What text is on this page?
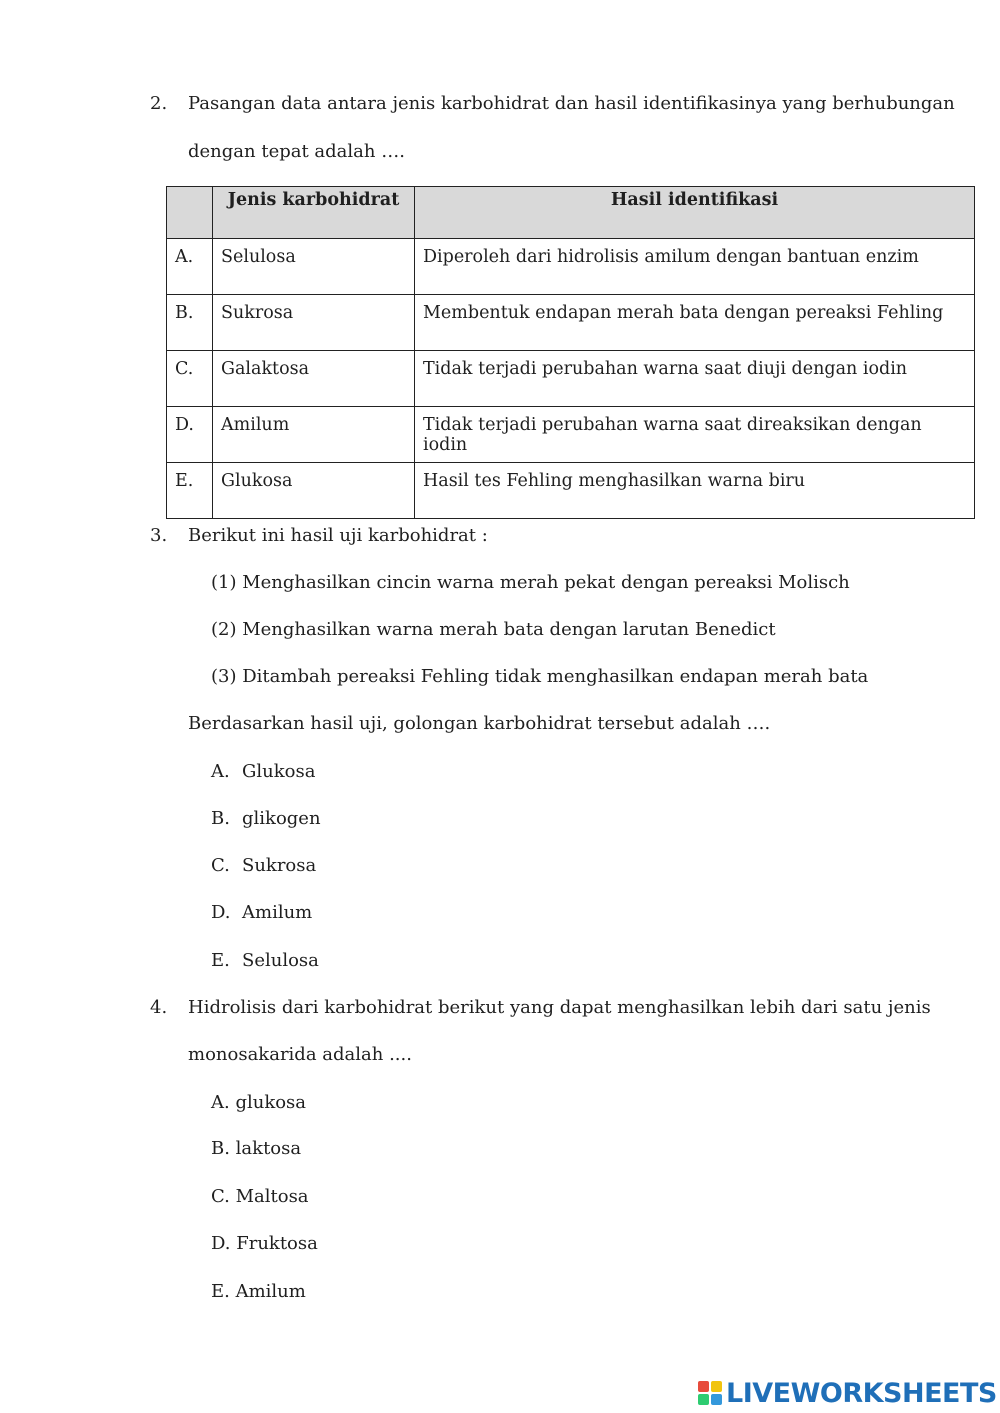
2. Pasangan data antara jenis karbohidrat dan hasil identifikasinya yang berhubungan
dengan tepat adalah ….
	Jenis karbohidrat	Hasil identifikasi
A.	Selulosa	Diperoleh dari hidrolisis amilum dengan bantuan enzim
B.	Sukrosa	Membentuk endapan merah bata dengan pereaksi Fehling
C.	Galaktosa	Tidak terjadi perubahan warna saat diuji dengan iodin
D.	Amilum	Tidak terjadi perubahan warna saat direaksikan dengan iodin
E.	Glukosa	Hasil tes Fehling menghasilkan warna biru
3. Berikut ini hasil uji karbohidrat :
(1) Menghasilkan cincin warna merah pekat dengan pereaksi Molisch
(2) Menghasilkan warna merah bata dengan larutan Benedict
(3) Ditambah pereaksi Fehling tidak menghasilkan endapan merah bata
Berdasarkan hasil uji, golongan karbohidrat tersebut adalah ….
A. Glukosa
B. glikogen
C. Sukrosa
D. Amilum
E. Selulosa
4. Hidrolisis dari karbohidrat berikut yang dapat menghasilkan lebih dari satu jenis
monosakarida adalah ....
A. glukosa
B. laktosa
C. Maltosa
D. Fruktosa
E. Amilum
LIVEWORKSHEETS
